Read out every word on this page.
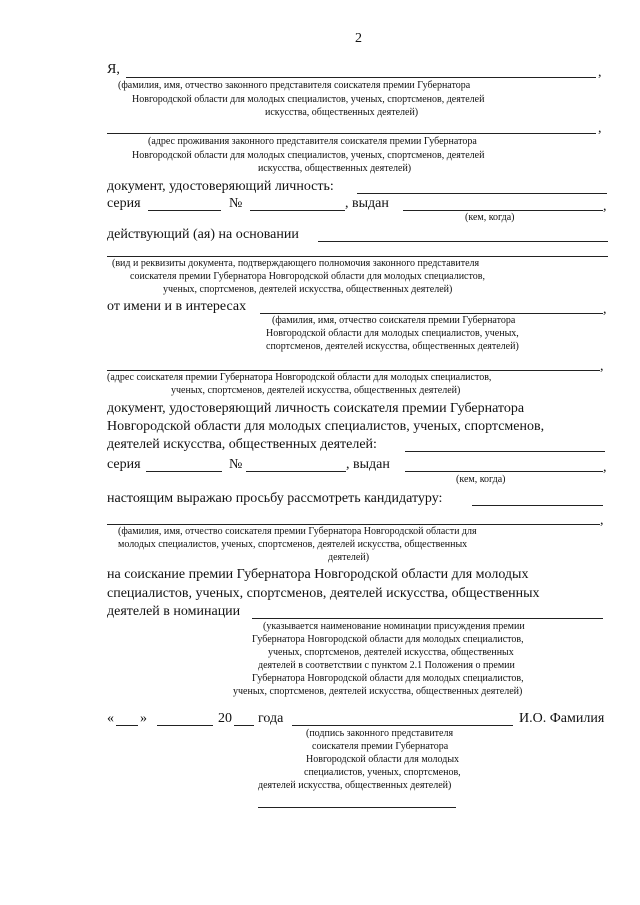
2
Я,	,
(фамилия, имя, отчество законного представителя соискателя премии Губернатора
Новгородской области для молодых специалистов, ученых, спортсменов, деятелей
искусства, общественных деятелей)
,
(адрес проживания законного представителя соискателя премии Губернатора
Новгородской области для молодых специалистов, ученых, спортсменов, деятелей
искусства, общественных деятелей)
документ, удостоверяющий личность:
серия	№	, выдан	,
(кем, когда)
действующий (ая) на основании
(вид и реквизиты документа, подтверждающего полномочия законного представителя
соискателя премии Губернатора Новгородской области для молодых специалистов,
ученых, спортсменов, деятелей искусства, общественных деятелей)
от имени и в интересах	,
(фамилия, имя, отчество соискателя премии Губернатора
Новгородской области для молодых специалистов, ученых,
спортсменов, деятелей искусства, общественных деятелей)
,
(адрес соискателя премии Губернатора Новгородской области для молодых специалистов,
ученых, спортсменов, деятелей искусства, общественных деятелей)
документ, удостоверяющий личность соискателя премии Губернатора
Новгородской области для молодых специалистов, ученых, спортсменов,
деятелей искусства, общественных деятелей:
серия	№	, выдан	,
(кем, когда)
настоящим выражаю просьбу рассмотреть кандидатуру:
,
(фамилия, имя, отчество соискателя премии Губернатора Новгородской области для
молодых специалистов, ученых, спортсменов, деятелей искусства, общественных
деятелей)
на соискание премии Губернатора Новгородской области для молодых
специалистов, ученых, спортсменов, деятелей искусства, общественных
деятелей в номинации
(указывается наименование номинации присуждения премии
Губернатора Новгородской области для молодых специалистов,
ученых, спортсменов, деятелей искусства, общественных
деятелей в соответствии с пунктом 2.1 Положения о премии
Губернатора Новгородской области для молодых специалистов,
ученых, спортсменов, деятелей искусства, общественных деятелей)
« »	20 года	И.О. Фамилия
(подпись законного представителя
соискателя премии Губернатора
Новгородской области для молодых
специалистов, ученых, спортсменов,
деятелей искусства, общественных деятелей)
